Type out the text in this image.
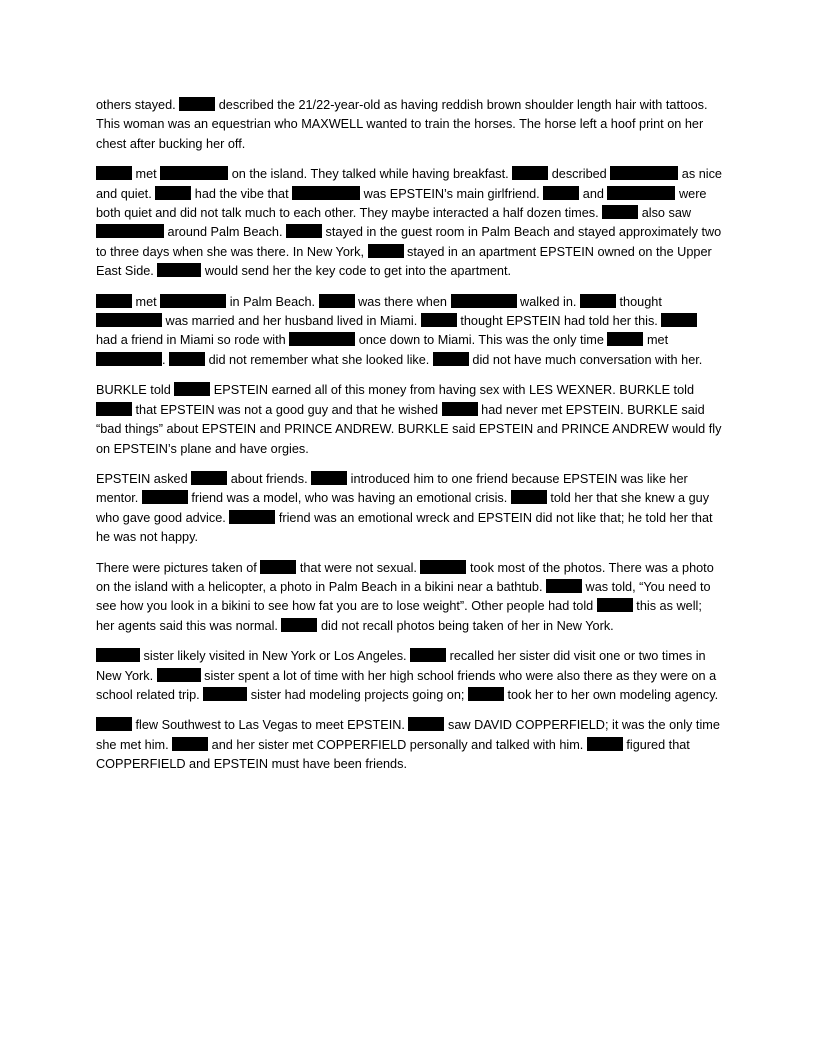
others stayed.	described the 21/22-year-old as having reddish brown shoulder length hair with tattoos. This woman was an equestrian who MAXWELL wanted to train the horses. The horse left a hoof print on her chest after bucking her off.

met	on the island. They talked while having breakfast.	described	as nice and quiet.	had the vibe that	was EPSTEIN’s main girlfriend.	and	were both quiet and did not talk much to each other. They maybe interacted a half dozen times.	also saw  around Palm Beach.	stayed in the guest room in Palm Beach and stayed approximately two to three days when she was there. In New York,	stayed in an apartment EPSTEIN owned on the Upper East Side.	would send her the key code to get into the apartment.

met	in Palm Beach.	was there when	walked in.	thought  was married and her husband lived in Miami.	thought EPSTEIN had told her this.  had a friend in Miami so rode with	once down to Miami. This was the only time	met .	did not remember what she looked like.	did not have much conversation with her.

BURKLE told	EPSTEIN earned all of this money from having sex with LES WEXNER. BURKLE told  that EPSTEIN was not a good guy and that he wished	had never met EPSTEIN. BURKLE said “bad things” about EPSTEIN and PRINCE ANDREW. BURKLE said EPSTEIN and PRINCE ANDREW would fly on EPSTEIN’s plane and have orgies.

EPSTEIN asked	about friends.	introduced him to one friend because EPSTEIN was like her mentor.	friend was a model, who was having an emotional crisis.	told her that she knew a guy who gave good advice.	friend was an emotional wreck and EPSTEIN did not like that; he told her that he was not happy.

There were pictures taken of	that were not sexual.	took most of the photos. There was a photo on the island with a helicopter, a photo in Palm Beach in a bikini near a bathtub.	was told, “You need to see how you look in a bikini to see how fat you are to lose weight”. Other people had told	this as well; her agents said this was normal.	did not recall photos being taken of her in New York.

sister likely visited in New York or Los Angeles.	recalled her sister did visit one or two times in New York.	sister spent a lot of time with her high school friends who were also there as they were on a school related trip.	sister had modeling projects going on;	took her to her own modeling agency.

flew Southwest to Las Vegas to meet EPSTEIN.	saw DAVID COPPERFIELD; it was the only time she met him.	and her sister met COPPERFIELD personally and talked with him.	figured that COPPERFIELD and EPSTEIN must have been friends.
